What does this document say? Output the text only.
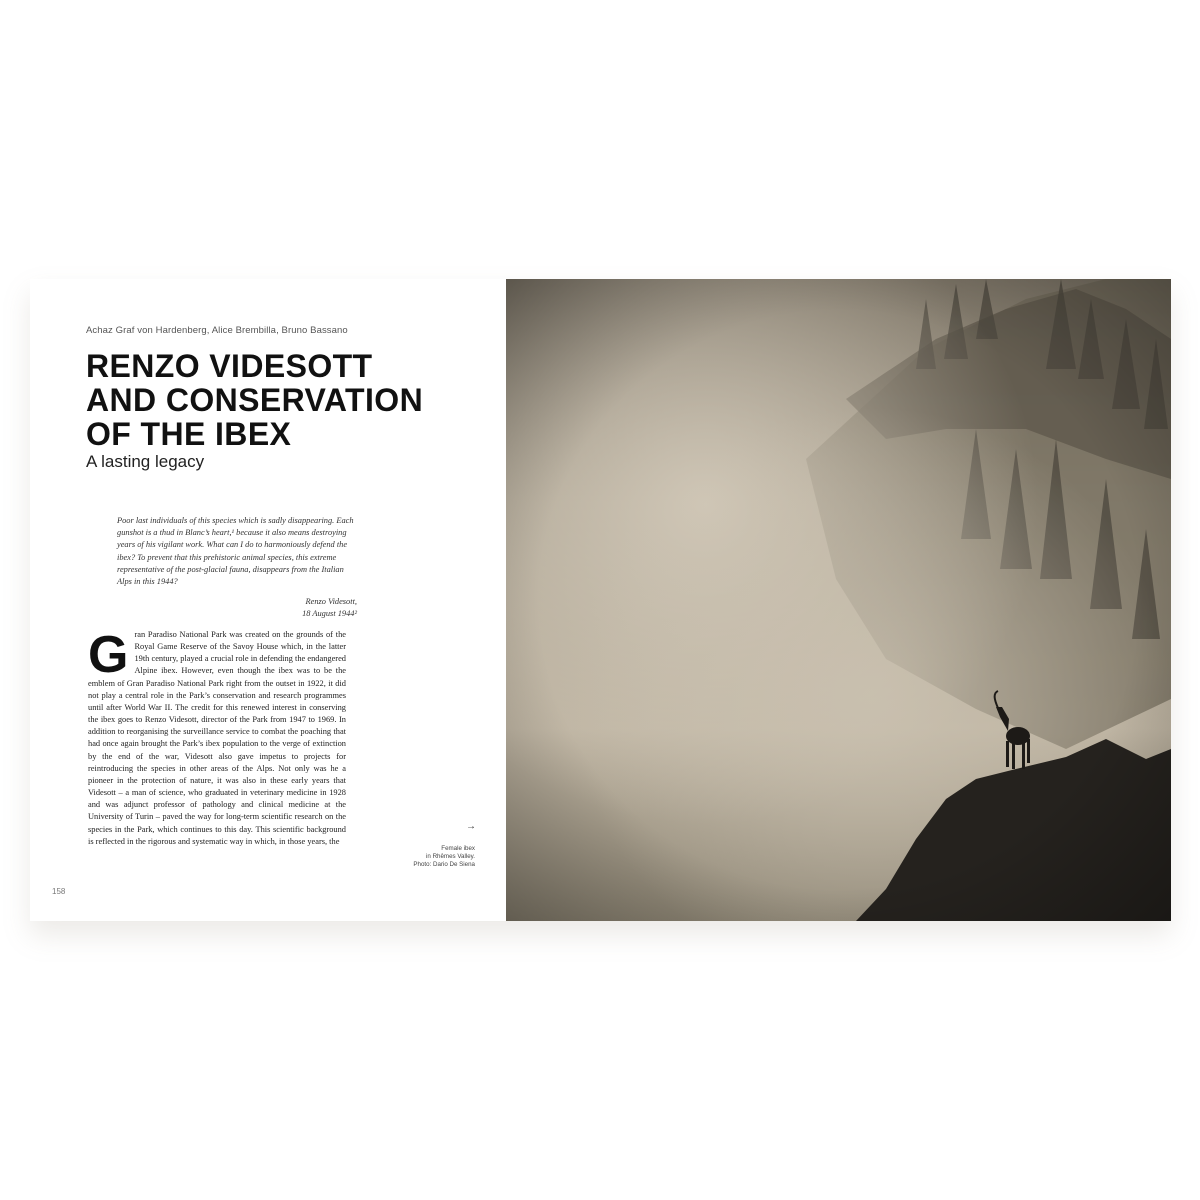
Achaz Graf von Hardenberg, Alice Brembilla, Bruno Bassano
RENZO VIDESOTT
AND CONSERVATION
OF THE IBEX

A lasting legacy

Poor last individuals of this species which is sadly disappearing. Each gunshot is a thud in Blanc’s heart,¹ because it also means destroying years of his vigilant work. What can I do to harmoniously defend the ibex? To prevent that this prehistoric animal species, this extreme representative of the post-glacial fauna, disappears from the Italian Alps in this 1944?

Renzo Videsott,
18 August 1944²

Gran Paradiso National Park was created on the grounds of the Royal Game Reserve of the Savoy House which, in the latter 19th century, played a crucial role in defending the endangered Alpine ibex. However, even though the ibex was to be the emblem of Gran Paradiso National Park right from the outset in 1922, it did not play a central role in the Park’s conservation and research programmes until after World War II. The credit for this renewed interest in conserving the ibex goes to Renzo Videsott, director of the Park from 1947 to 1969. In addition to reorganising the surveillance service to combat the poaching that had once again brought the Park’s ibex population to the verge of extinction by the end of the war, Videsott also gave impetus to projects for reintroducing the species in other areas of the Alps. Not only was he a pioneer in the protection of nature, it was also in these early years that Videsott – a man of science, who graduated in veterinary medicine in 1928 and was adjunct professor of pathology and clinical medicine at the University of Turin – paved the way for long-term scientific research on the species in the Park, which continues to this day. This scientific background is reflected in the rigorous and systematic way in which, in those years, the

→
Female ibex
in Rhêmes Valley.
Photo: Dario De Siena
158
